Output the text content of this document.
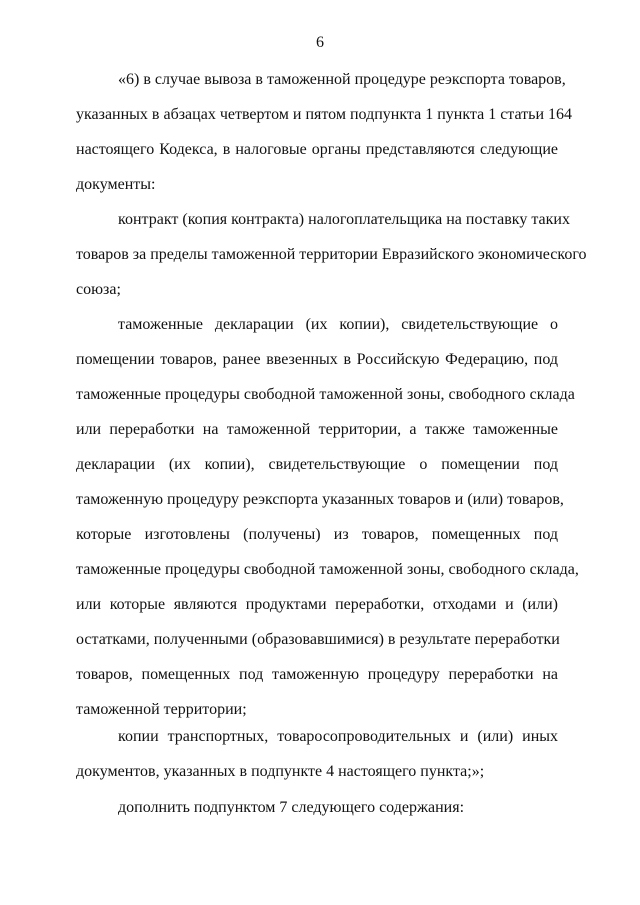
6
«6) в случае вывоза в таможенной процедуре реэкспорта товаров,
указанных в абзацах четвертом и пятом подпункта 1 пункта 1 статьи 164
настоящего Кодекса, в налоговые органы представляются следующие
документы:
контракт (копия контракта) налогоплательщика на поставку таких
товаров за пределы таможенной территории Евразийского экономического
союза;
таможенные декларации (их копии), свидетельствующие о
помещении товаров, ранее ввезенных в Российскую Федерацию, под
таможенные процедуры свободной таможенной зоны, свободного склада
или переработки на таможенной территории, а также таможенные
декларации (их копии), свидетельствующие о помещении под
таможенную процедуру реэкспорта указанных товаров и (или) товаров,
которые изготовлены (получены) из товаров, помещенных под
таможенные процедуры свободной таможенной зоны, свободного склада,
или которые являются продуктами переработки, отходами и (или)
остатками, полученными (образовавшимися) в результате переработки
товаров, помещенных под таможенную процедуру переработки на
таможенной территории;
копии транспортных, товаросопроводительных и (или) иных
документов, указанных в подпункте 4 настоящего пункта;»;
дополнить подпунктом 7 следующего содержания:
